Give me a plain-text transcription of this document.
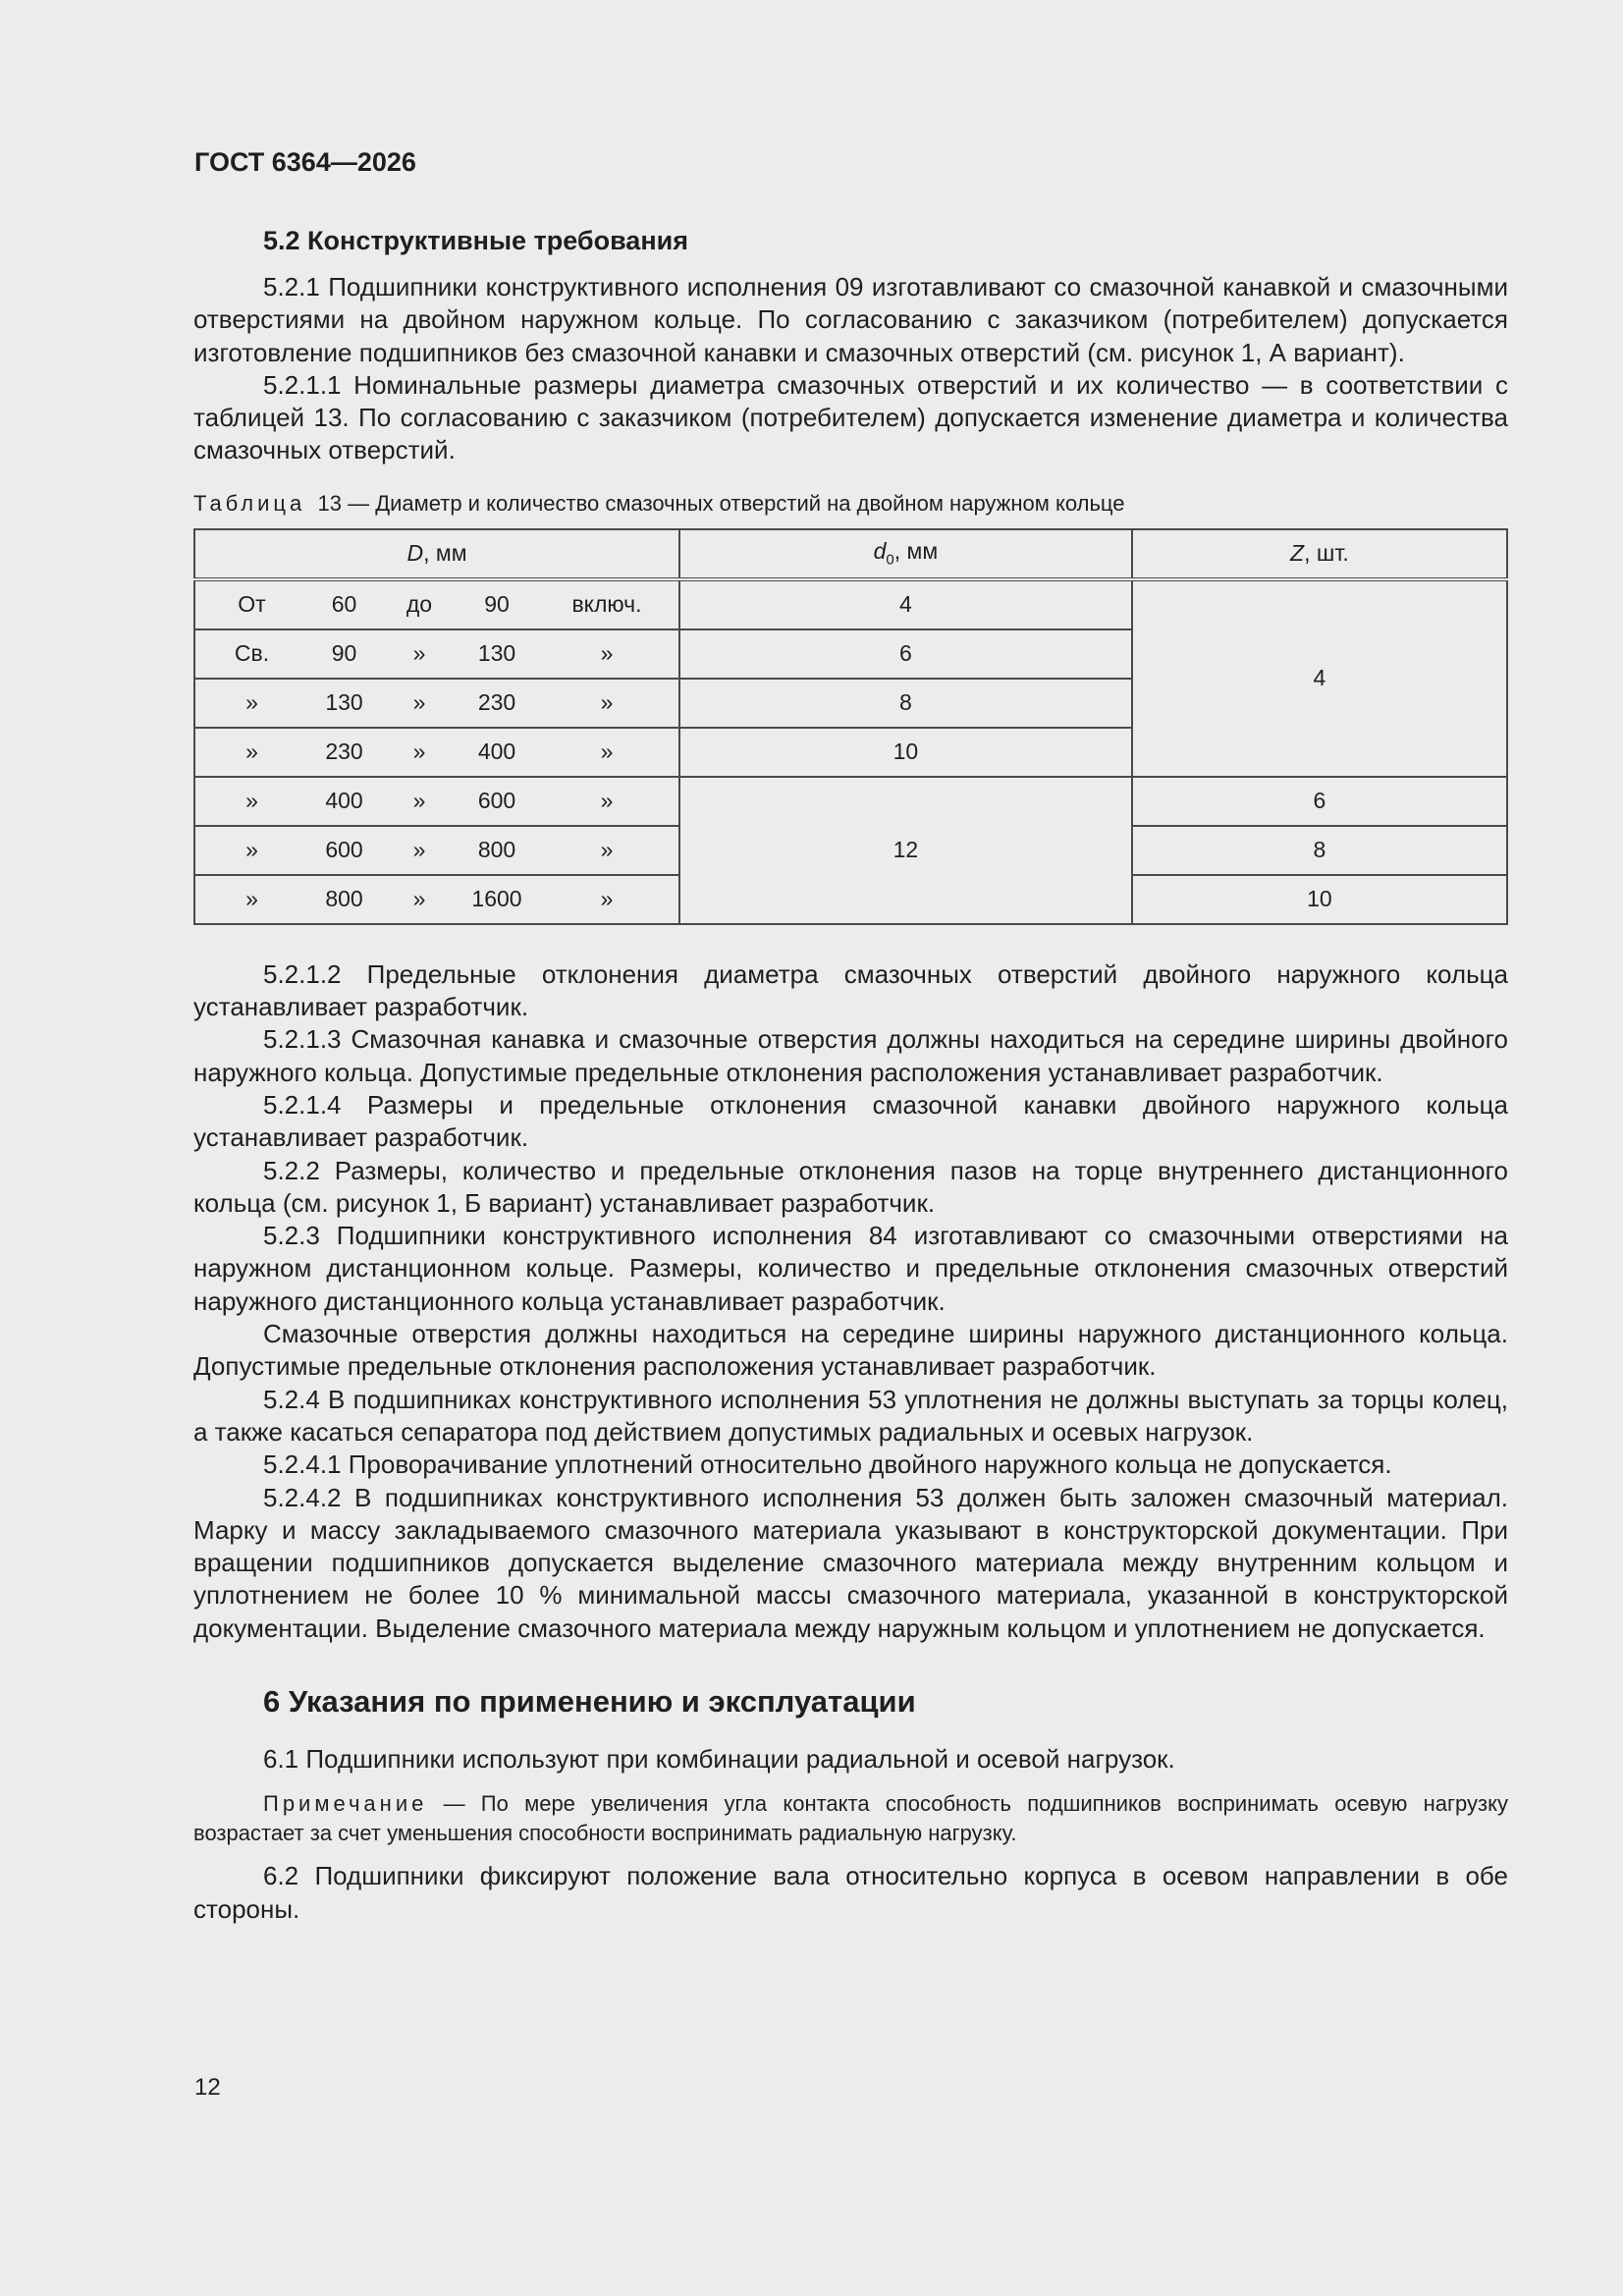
ГОСТ 6364—2026

5.2 Конструктивные требования

5.2.1 Подшипники конструктивного исполнения 09 изготавливают со смазочной канавкой и смазочными отверстиями на двойном наружном кольце. По согласованию с заказчиком (потребителем) допускается изготовление подшипников без смазочной канавки и смазочных отверстий (см. рисунок 1, А вариант).

5.2.1.1 Номинальные размеры диаметра смазочных отверстий и их количество — в соответствии с таблицей 13. По согласованию с заказчиком (потребителем) допускается изменение диаметра и количества смазочных отверстий.

Таблица 13 — Диаметр и количество смазочных отверстий на двойном наружном кольце

D, мм	$d_0$, мм	Z, шт.

От 60 до 90 включ.	4	4

Св. 90 » 130 »	6	

» 130 » 230 »	8	

» 230 » 400 »	10	

» 400 » 600 »	12	6

» 600 » 800 »		8

» 800 » 1600 »		10

5.2.1.2 Предельные отклонения диаметра смазочных отверстий двойного наружного кольца устанавливает разработчик.

5.2.1.3 Смазочная канавка и смазочные отверстия должны находиться на середине ширины двойного наружного кольца. Допустимые предельные отклонения расположения устанавливает разработчик.

5.2.1.4 Размеры и предельные отклонения смазочной канавки двойного наружного кольца устанавливает разработчик.

5.2.2 Размеры, количество и предельные отклонения пазов на торце внутреннего дистанционного кольца (см. рисунок 1, Б вариант) устанавливает разработчик.

5.2.3 Подшипники конструктивного исполнения 84 изготавливают со смазочными отверстиями на наружном дистанционном кольце. Размеры, количество и предельные отклонения смазочных отверстий наружного дистанционного кольца устанавливает разработчик.

Смазочные отверстия должны находиться на середине ширины наружного дистанционного кольца. Допустимые предельные отклонения расположения устанавливает разработчик.

5.2.4 В подшипниках конструктивного исполнения 53 уплотнения не должны выступать за торцы колец, а также касаться сепаратора под действием допустимых радиальных и осевых нагрузок.

5.2.4.1 Проворачивание уплотнений относительно двойного наружного кольца не допускается.

5.2.4.2 В подшипниках конструктивного исполнения 53 должен быть заложен смазочный материал. Марку и массу закладываемого смазочного материала указывают в конструкторской документации. При вращении подшипников допускается выделение смазочного материала между внутренним кольцом и уплотнением не более 10 % минимальной массы смазочного материала, указанной в конструкторской документации. Выделение смазочного материала между наружным кольцом и уплотнением не допускается.

6 Указания по применению и эксплуатации

6.1 Подшипники используют при комбинации радиальной и осевой нагрузок.

Примечание — По мере увеличения угла контакта способность подшипников воспринимать осевую нагрузку возрастает за счет уменьшения способности воспринимать радиальную нагрузку.

6.2 Подшипники фиксируют положение вала относительно корпуса в осевом направлении в обе стороны.

12
